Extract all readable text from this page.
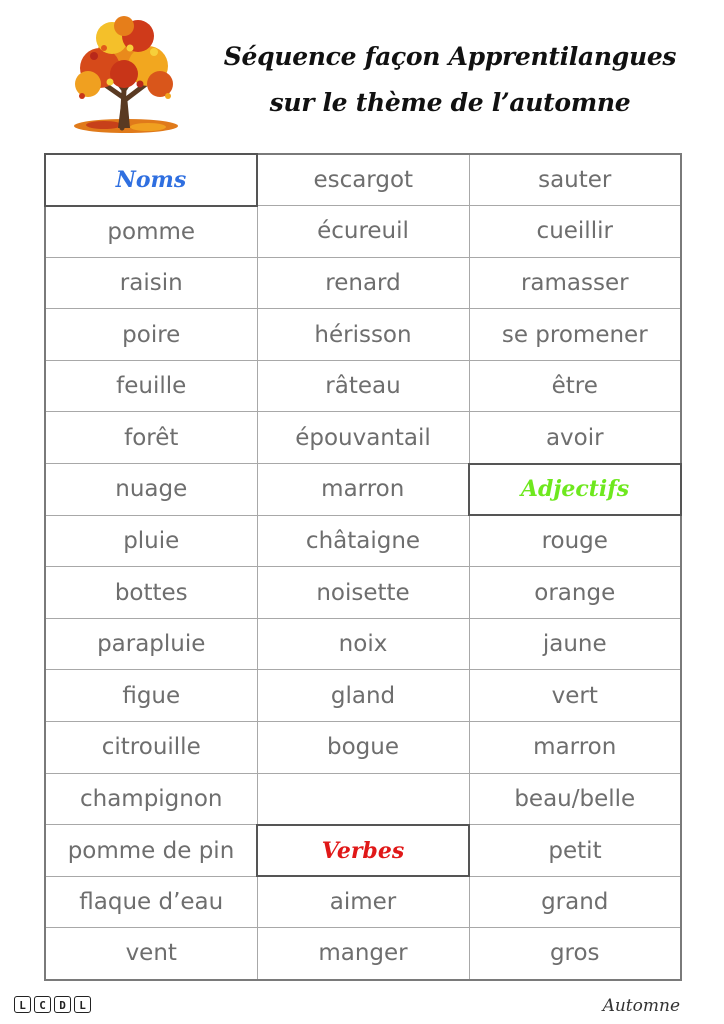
Séquence façon Apprentilangues
sur le thème de l’automne
Noms	escargot	sauter
pomme	écureuil	cueillir
raisin	renard	ramasser
poire	hérisson	se promener
feuille	râteau	être
forêt	épouvantail	avoir
nuage	marron	Adjectifs
pluie	châtaigne	rouge
bottes	noisette	orange
parapluie	noix	jaune
figue	gland	vert
citrouille	bogue	marron
champignon		beau/belle
pomme de pin	Verbes	petit
flaque d’eau	aimer	grand
vent	manger	gros
L	C	D	L	Automne
